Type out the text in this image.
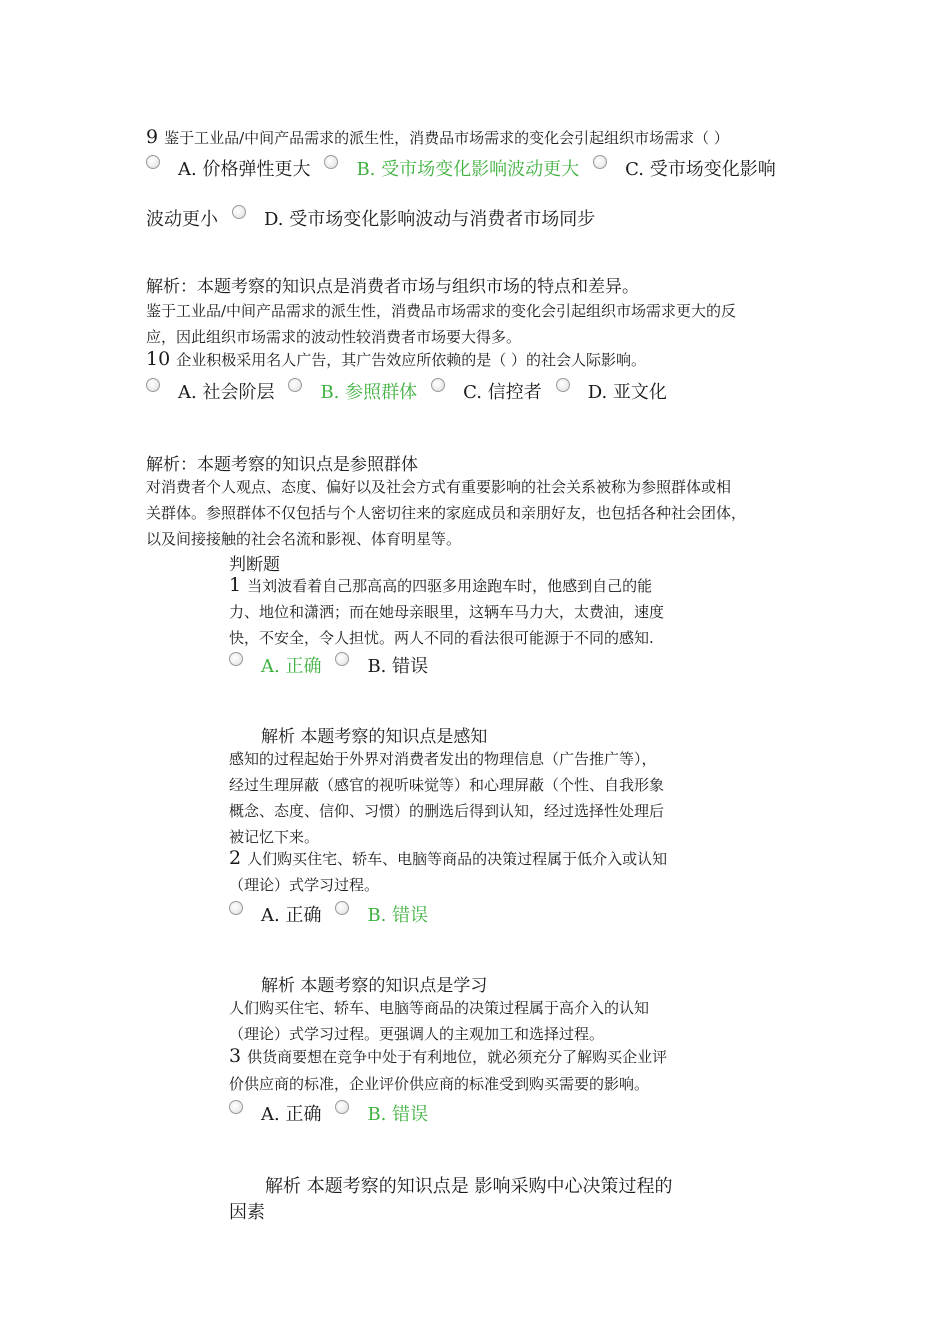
9 鉴于工业品/中间产品需求的派生性，消费品市场需求的变化会引起组织市场需求（ ）
A. 价格弹性更大	B. 受市场变化影响波动更大	C. 受市场变化影响
波动更小	D. 受市场变化影响波动与消费者市场同步
解析：本题考察的知识点是消费者市场与组织市场的特点和差异。
鉴于工业品/中间产品需求的派生性，消费品市场需求的变化会引起组织市场需求更大的反
应，因此组织市场需求的波动性较消费者市场要大得多。
10 企业积极采用名人广告，其广告效应所依赖的是（ ）的社会人际影响。
A. 社会阶层	B. 参照群体	C. 信控者	D. 亚文化
解析：本题考察的知识点是参照群体
对消费者个人观点、态度、偏好以及社会方式有重要影响的社会关系被称为参照群体或相
关群体。参照群体不仅包括与个人密切往来的家庭成员和亲朋好友，也包括各种社会团体，
以及间接接触的社会名流和影视、体育明星等。
判断题
1 当刘波看着自己那高高的四驱多用途跑车时，他感到自己的能
力、地位和潇洒；而在她母亲眼里，这辆车马力大，太费油，速度
快，不安全，令人担忧。两人不同的看法很可能源于不同的感知.
A. 正确	B. 错误
解析 本题考察的知识点是感知
感知的过程起始于外界对消费者发出的物理信息（广告推广等），
经过生理屏蔽（感官的视听味觉等）和心理屏蔽（个性、自我形象
概念、态度、信仰、习惯）的删选后得到认知，经过选择性处理后
被记忆下来。
2 人们购买住宅、轿车、电脑等商品的决策过程属于低介入或认知
（理论）式学习过程。
A. 正确	B. 错误
解析 本题考察的知识点是学习
人们购买住宅、轿车、电脑等商品的决策过程属于高介入的认知
（理论）式学习过程。更强调人的主观加工和选择过程。
3 供货商要想在竞争中处于有利地位，就必须充分了解购买企业评
价供应商的标准，企业评价供应商的标准受到购买需要的影响。
A. 正确	B. 错误
解析 本题考察的知识点是 影响采购中心决策过程的
因素
